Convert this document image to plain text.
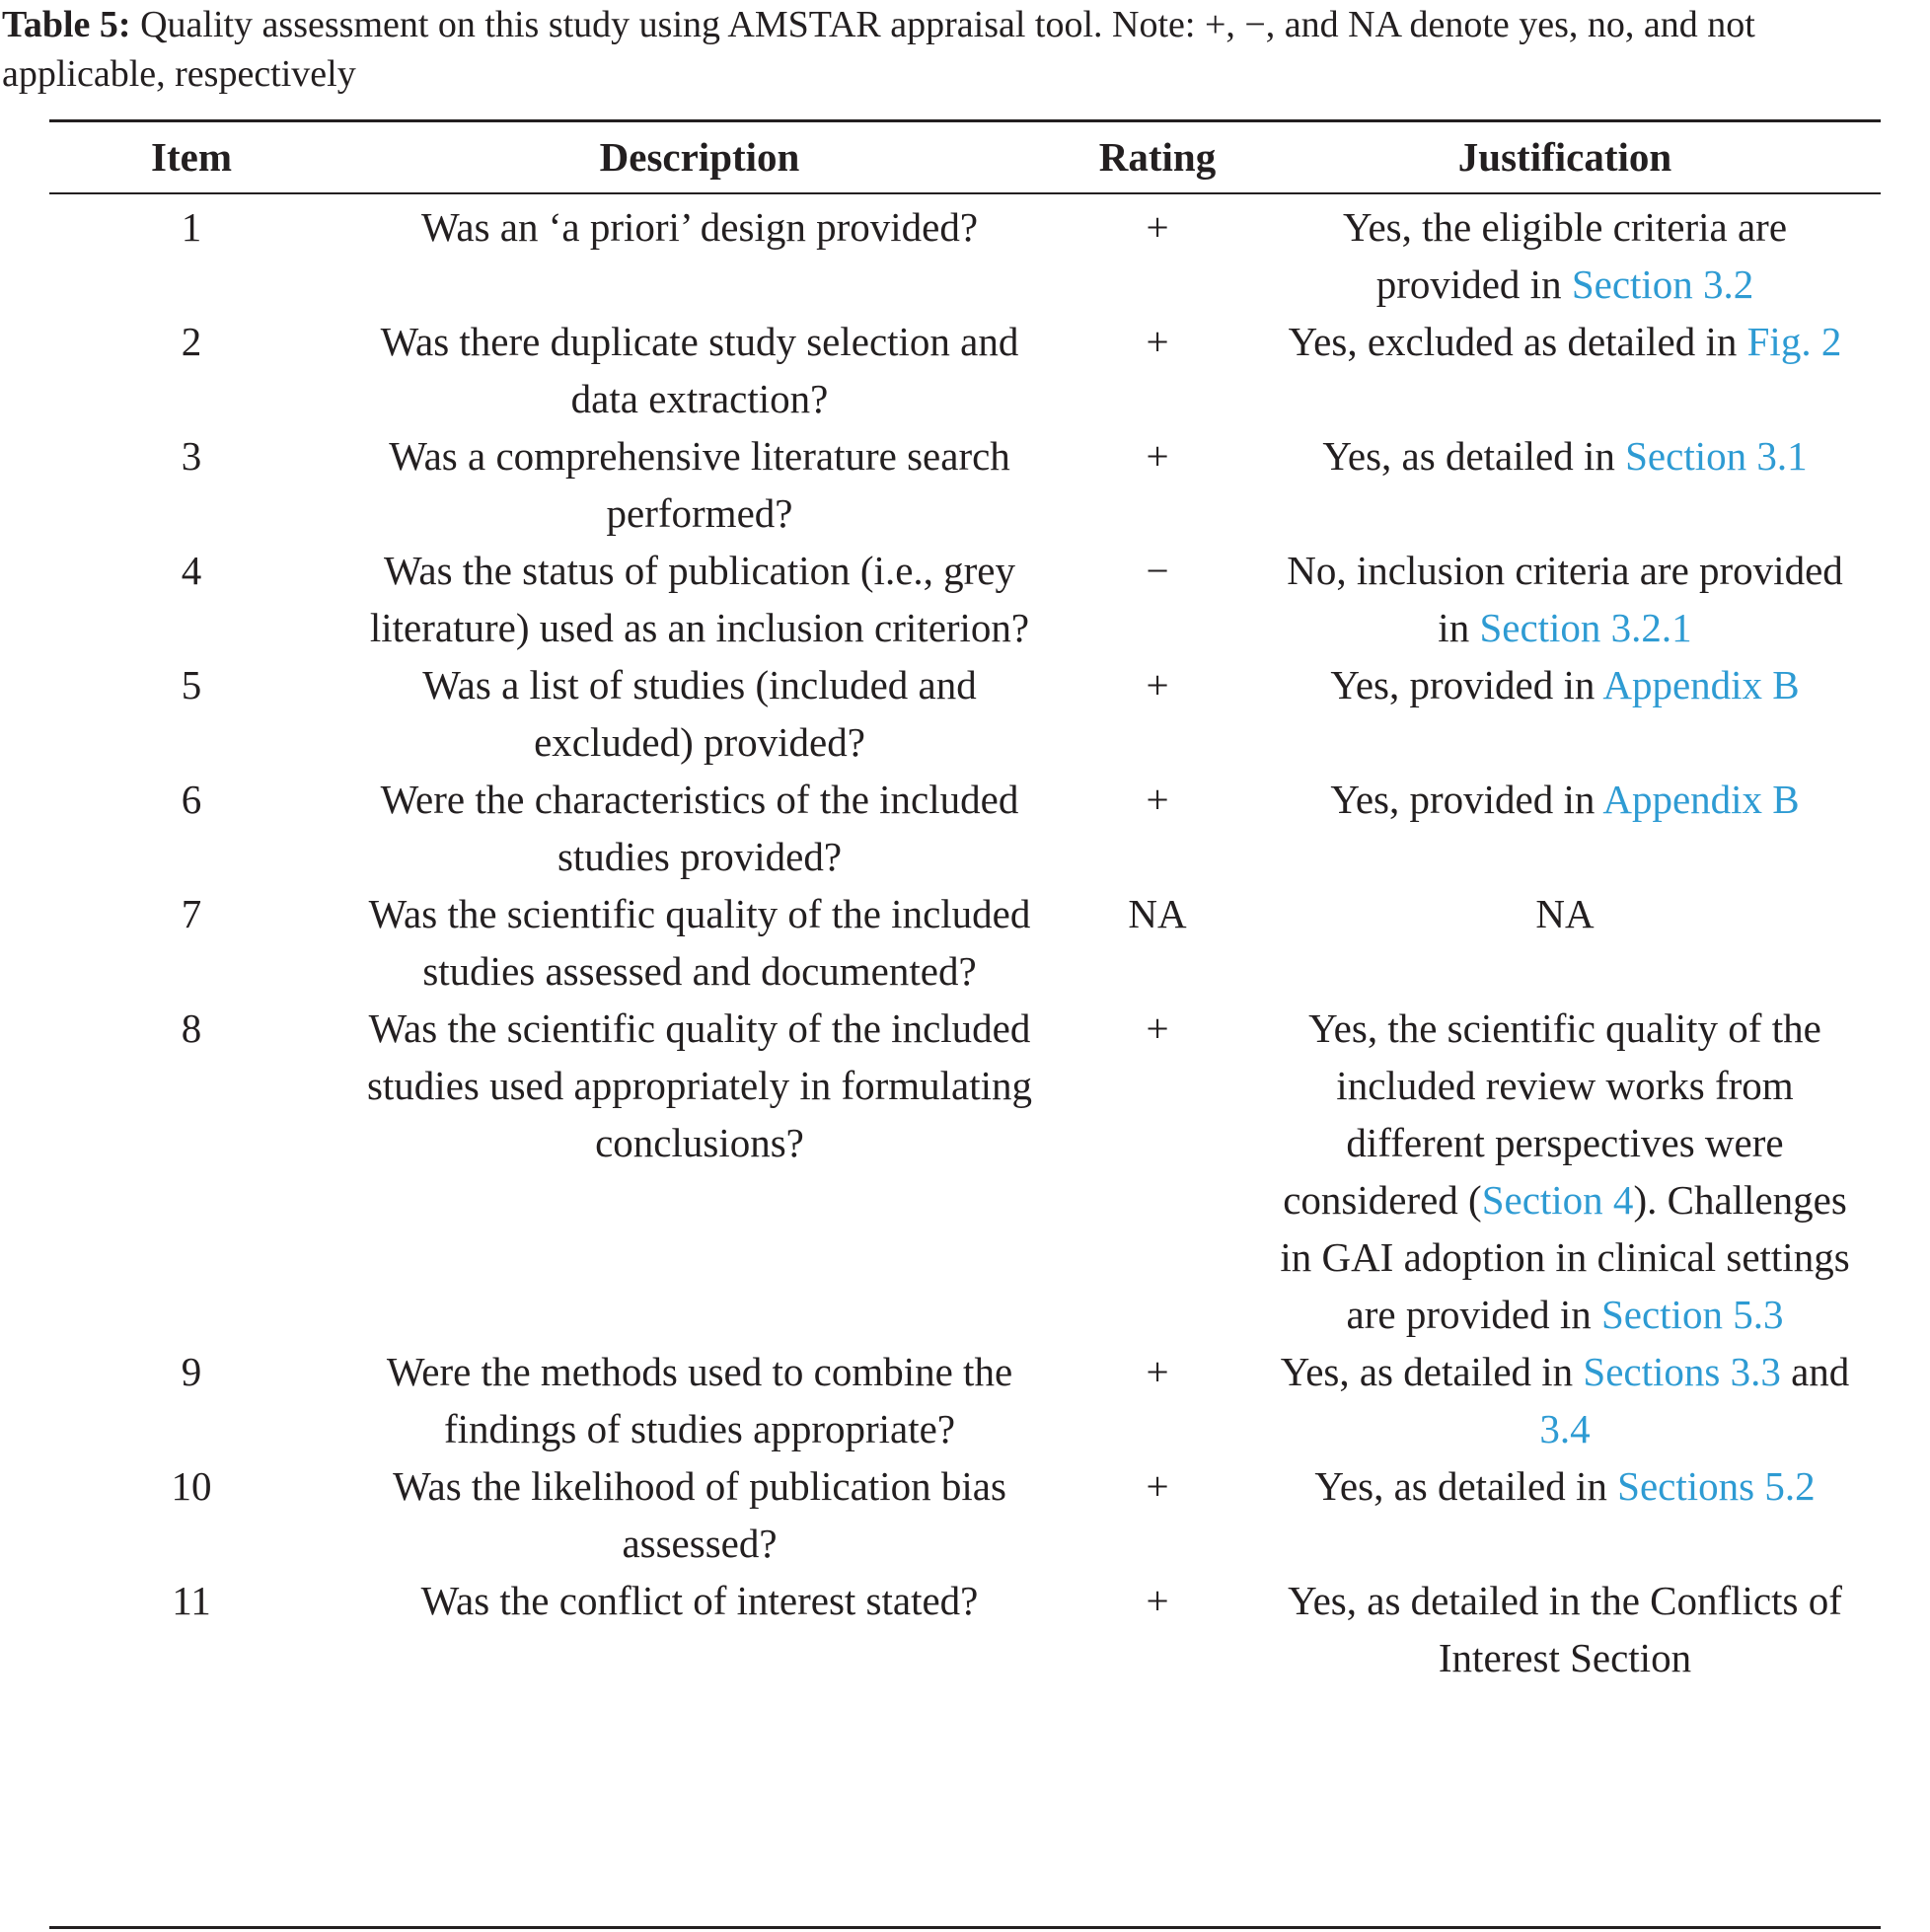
Table 5: Quality assessment on this study using AMSTAR appraisal tool. Note: +, −, and NA denote yes, no, and not applicable, respectively

Item	Description	Rating	Justification
1	Was an ‘a priori’ design provided?	+	Yes, the eligible criteria are provided in Section 3.2
2	Was there duplicate study selection and data extraction?	+	Yes, excluded as detailed in Fig. 2
3	Was a comprehensive literature search performed?	+	Yes, as detailed in Section 3.1
4	Was the status of publication (i.e., grey literature) used as an inclusion criterion?	−	No, inclusion criteria are provided in Section 3.2.1
5	Was a list of studies (included and excluded) provided?	+	Yes, provided in Appendix B
6	Were the characteristics of the included studies provided?	+	Yes, provided in Appendix B
7	Was the scientific quality of the included studies assessed and documented?	NA	NA
8	Was the scientific quality of the included studies used appropriately in formulating conclusions?	+	Yes, the scientific quality of the included review works from different perspectives were considered (Section 4). Challenges in GAI adoption in clinical settings are provided in Section 5.3
9	Were the methods used to combine the findings of studies appropriate?	+	Yes, as detailed in Sections 3.3 and 3.4
10	Was the likelihood of publication bias assessed?	+	Yes, as detailed in Sections 5.2
11	Was the conflict of interest stated?	+	Yes, as detailed in the Conflicts of Interest Section
